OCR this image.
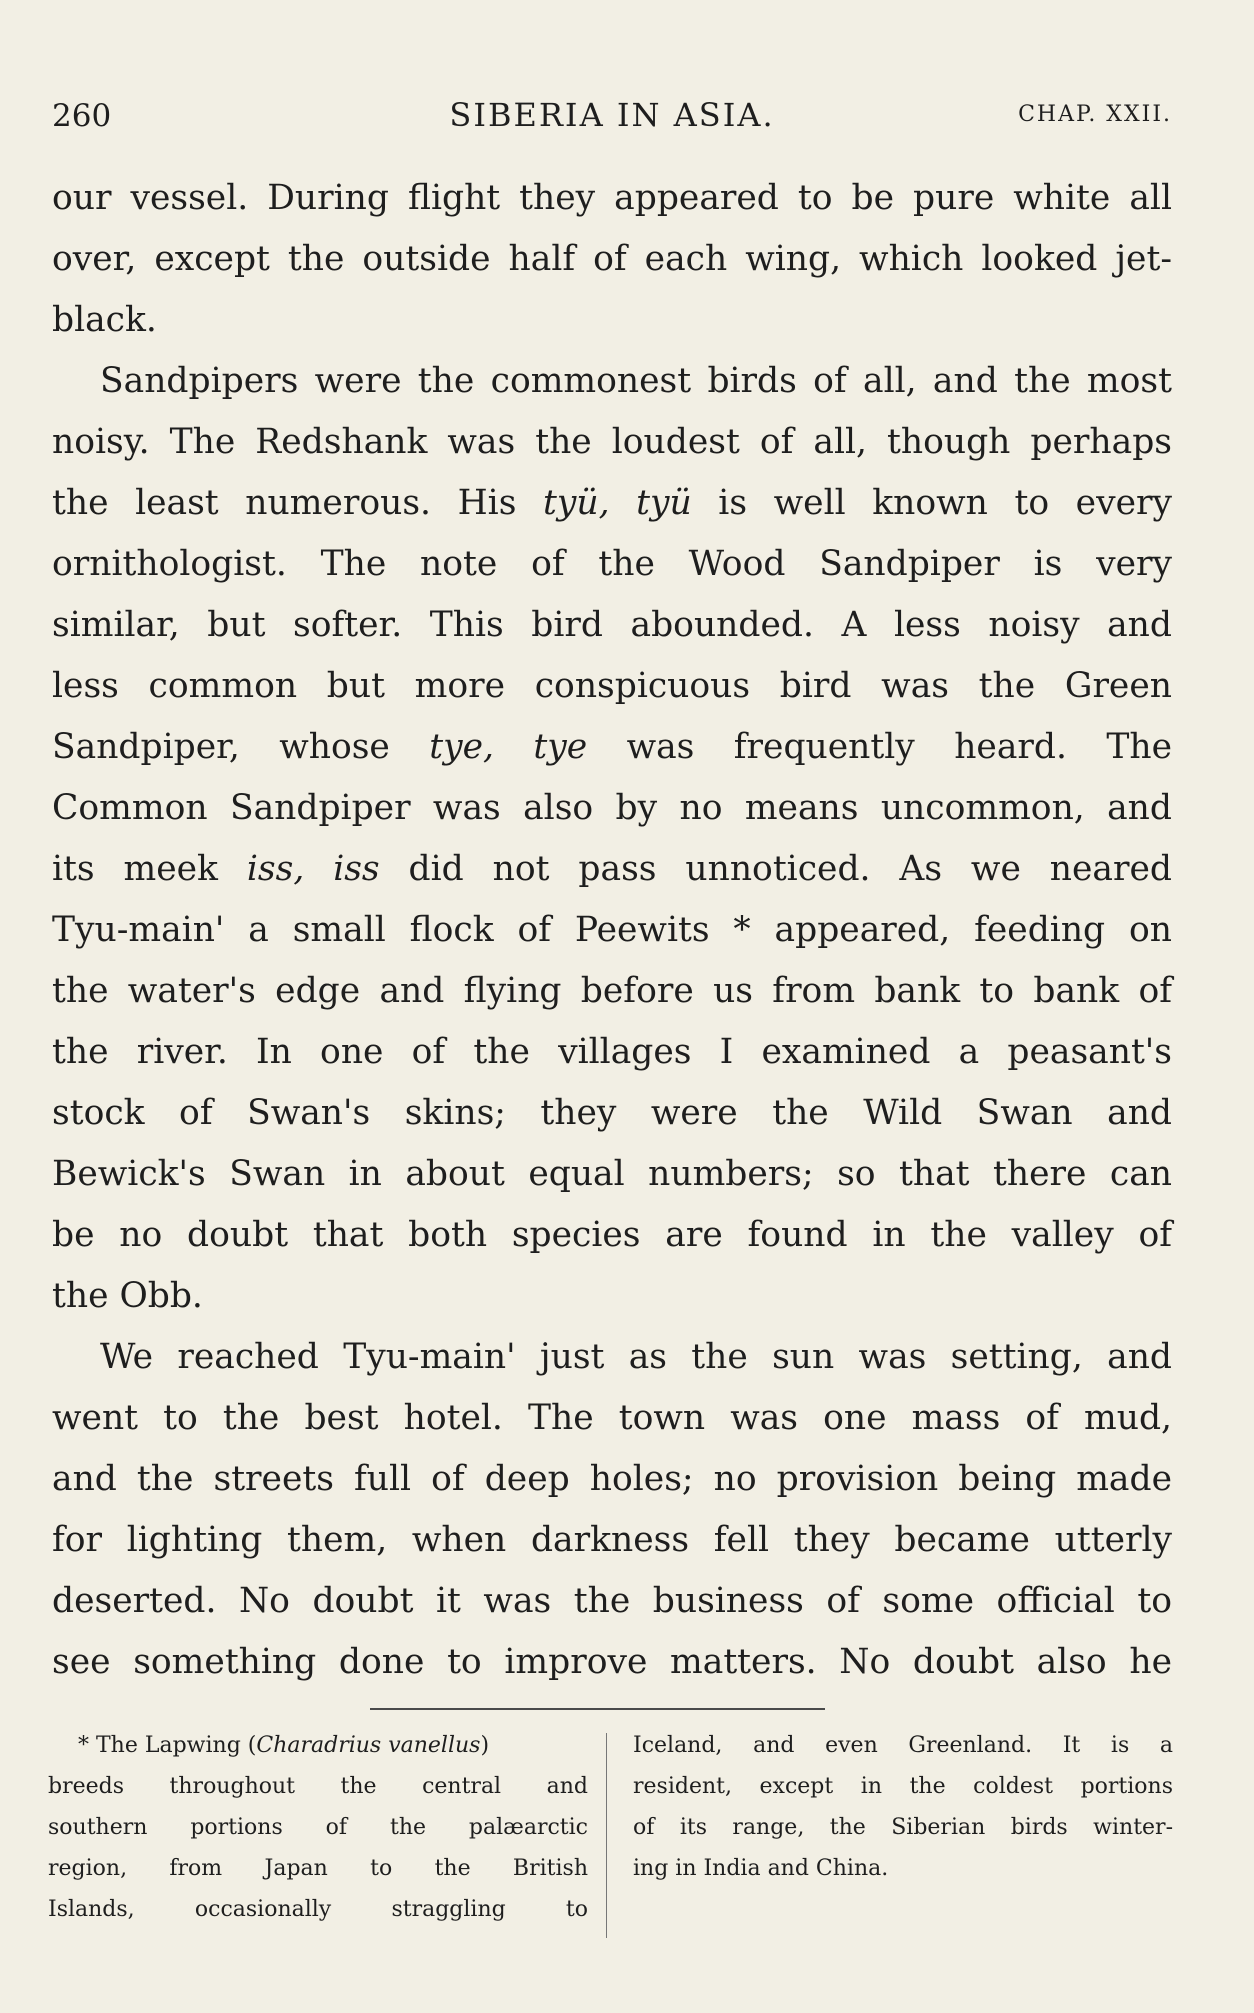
260	SIBERIA IN ASIA.	CHAP. XXII.
our vessel. During flight they appeared to be pure white all
over, except the outside half of each wing, which looked jet-
black.
Sandpipers were the commonest birds of all, and the most
noisy. The Redshank was the loudest of all, though perhaps
the least numerous. His tyü, tyü is well known to every
ornithologist. The note of the Wood Sandpiper is very
similar, but softer. This bird abounded. A less noisy and
less common but more conspicuous bird was the Green
Sandpiper, whose tye, tye was frequently heard. The
Common Sandpiper was also by no means uncommon, and
its meek iss, iss did not pass unnoticed. As we neared
Tyu-main' a small flock of Peewits * appeared, feeding on
the water's edge and flying before us from bank to bank of
the river. In one of the villages I examined a peasant's
stock of Swan's skins; they were the Wild Swan and
Bewick's Swan in about equal numbers; so that there can
be no doubt that both species are found in the valley of
the Obb.
We reached Tyu-main' just as the sun was setting, and
went to the best hotel. The town was one mass of mud,
and the streets full of deep holes; no provision being made
for lighting them, when darkness fell they became utterly
deserted. No doubt it was the business of some official to
see something done to improve matters. No doubt also he
* The Lapwing (Charadrius vanellus)
breeds throughout the central and
southern portions of the palæarctic
region, from Japan to the British
Islands, occasionally straggling to
Iceland, and even Greenland. It is a
resident, except in the coldest portions
of its range, the Siberian birds winter-
ing in India and China.
